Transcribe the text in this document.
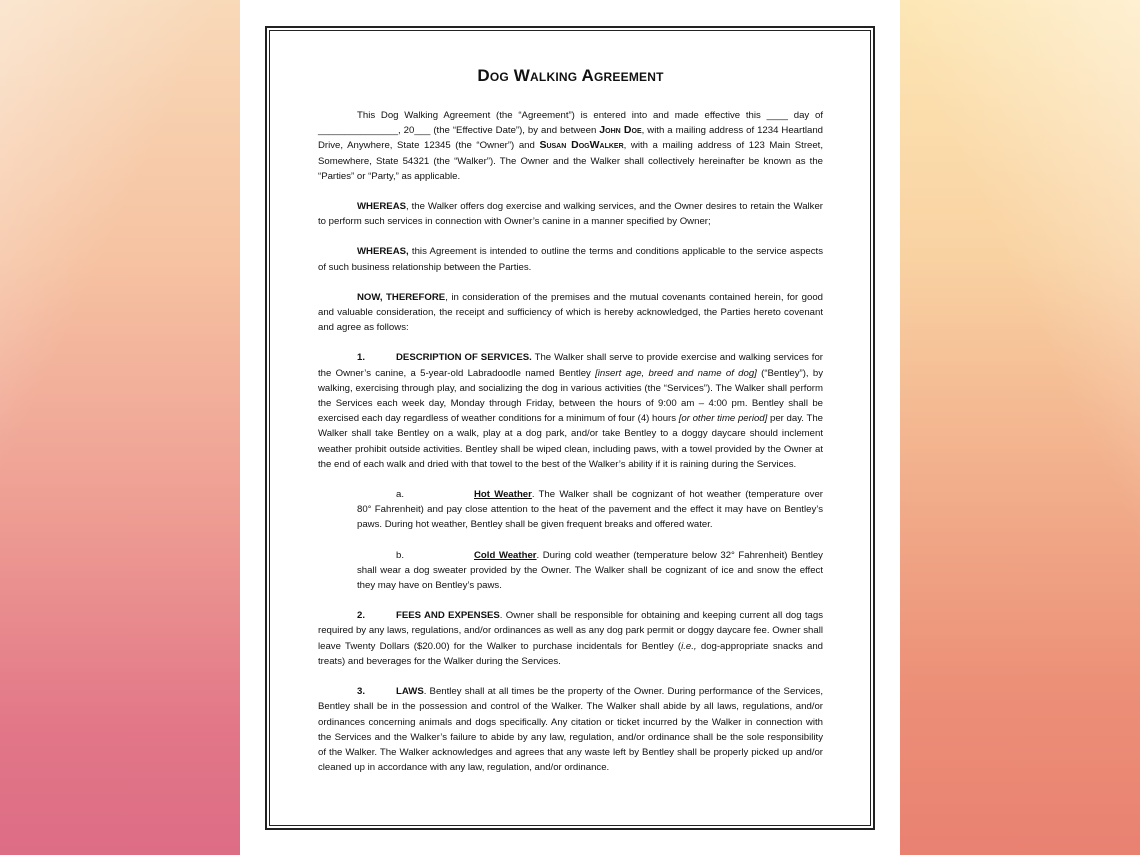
Dog Walking Agreement

This Dog Walking Agreement (the “Agreement”) is entered into and made effective this ____ day of _______________, 20___ (the “Effective Date”), by and between John Doe, with a mailing address of 1234 Heartland Drive, Anywhere, State 12345 (the “Owner”) and Susan DogWalker, with a mailing address of 123 Main Street, Somewhere, State 54321 (the “Walker”). The Owner and the Walker shall collectively hereinafter be known as the “Parties” or “Party,” as applicable.

WHEREAS, the Walker offers dog exercise and walking services, and the Owner desires to retain the Walker to perform such services in connection with Owner’s canine in a manner specified by Owner;

WHEREAS, this Agreement is intended to outline the terms and conditions applicable to the service aspects of such business relationship between the Parties.

NOW, THEREFORE, in consideration of the premises and the mutual covenants contained herein, for good and valuable consideration, the receipt and sufficiency of which is hereby acknowledged, the Parties hereto covenant and agree as follows:

1.	DESCRIPTION OF SERVICES. The Walker shall serve to provide exercise and walking services for the Owner’s canine, a 5-year-old Labradoodle named Bentley [insert age, breed and name of dog] (“Bentley”), by walking, exercising through play, and socializing the dog in various activities (the “Services”). The Walker shall perform the Services each week day, Monday through Friday, between the hours of 9:00 am – 4:00 pm. Bentley shall be exercised each day regardless of weather conditions for a minimum of four (4) hours [or other time period] per day. The Walker shall take Bentley on a walk, play at a dog park, and/or take Bentley to a doggy daycare should inclement weather prohibit outside activities. Bentley shall be wiped clean, including paws, with a towel provided by the Owner at the end of each walk and dried with that towel to the best of the Walker’s ability if it is raining during the Services.

a.	Hot Weather. The Walker shall be cognizant of hot weather (temperature over 80° Fahrenheit) and pay close attention to the heat of the pavement and the effect it may have on Bentley’s paws. During hot weather, Bentley shall be given frequent breaks and offered water.

b.	Cold Weather. During cold weather (temperature below 32° Fahrenheit) Bentley shall wear a dog sweater provided by the Owner. The Walker shall be cognizant of ice and snow the effect they may have on Bentley’s paws.

2.	FEES AND EXPENSES. Owner shall be responsible for obtaining and keeping current all dog tags required by any laws, regulations, and/or ordinances as well as any dog park permit or doggy daycare fee. Owner shall leave Twenty Dollars ($20.00) for the Walker to purchase incidentals for Bentley (i.e., dog-appropriate snacks and treats) and beverages for the Walker during the Services.

3.	LAWS. Bentley shall at all times be the property of the Owner. During performance of the Services, Bentley shall be in the possession and control of the Walker. The Walker shall abide by all laws, regulations, and/or ordinances concerning animals and dogs specifically. Any citation or ticket incurred by the Walker in connection with the Services and the Walker’s failure to abide by any law, regulation, and/or ordinance shall be the sole responsibility of the Walker. The Walker acknowledges and agrees that any waste left by Bentley shall be properly picked up and/or cleaned up in accordance with any law, regulation, and/or ordinance.
